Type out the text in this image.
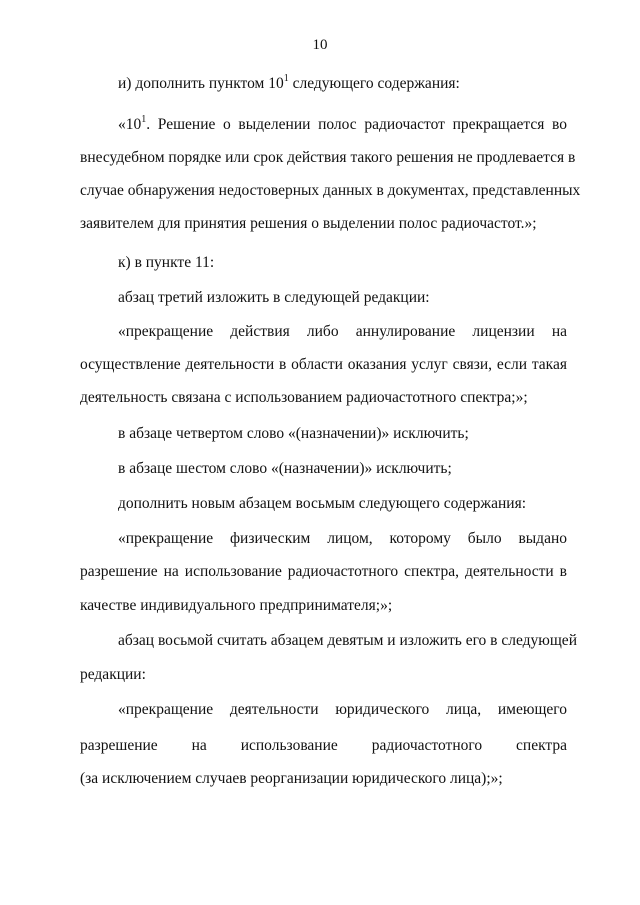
10
и) дополнить пунктом $10^1$ следующего содержания:
«$10^1$. Решение о выделении полос радиочастот прекращается во
внесудебном порядке или срок действия такого решения не продлевается в
случае обнаружения недостоверных данных в документах, представленных
заявителем для принятия решения о выделении полос радиочастот.»;
к) в пункте 11:
абзац третий изложить в следующей редакции:
«прекращение действия либо аннулирование лицензии на
осуществление деятельности в области оказания услуг связи, если такая
деятельность связана с использованием радиочастотного спектра;»;
в абзаце четвертом слово «(назначении)» исключить;
в абзаце шестом слово «(назначении)» исключить;
дополнить новым абзацем восьмым следующего содержания:
«прекращение физическим лицом, которому было выдано
разрешение на использование радиочастотного спектра, деятельности в
качестве индивидуального предпринимателя;»;
абзац восьмой считать абзацем девятым и изложить его в следующей
редакции:
«прекращение деятельности юридического лица, имеющего
разрешение на использование радиочастотного спектра
(за исключением случаев реорганизации юридического лица);»;
